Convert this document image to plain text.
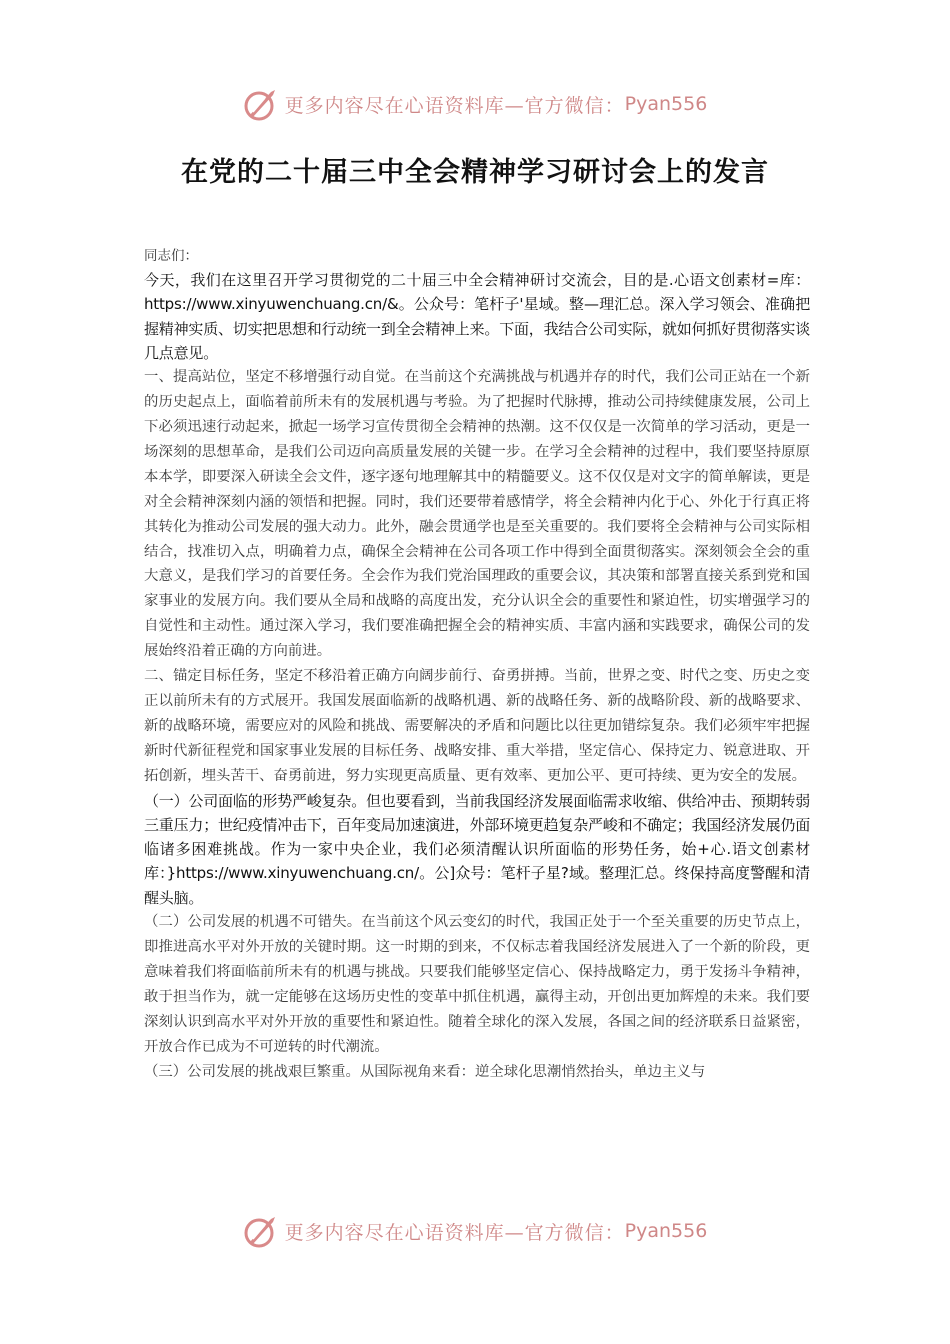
更多内容尽在心语资料库—官方微信： Pyan556
在党的二十届三中全会精神学习研讨会上的发言

同志们：

今天，我们在这里召开学习贯彻党的二十届三中全会精神研讨交流会，目的是.心语文创素材=库：https://www.xinyuwenchuang.cn/&。公众号：笔杆子'星域。整—理汇总。深入学习领会、准确把握精神实质、切实把思想和行动统一到全会精神上来。下面，我结合公司实际，就如何抓好贯彻落实谈几点意见。

一、提高站位，坚定不移增强行动自觉。在当前这个充满挑战与机遇并存的时代，我们公司正站在一个新的历史起点上，面临着前所未有的发展机遇与考验。为了把握时代脉搏，推动公司持续健康发展，公司上下必须迅速行动起来，掀起一场学习宣传贯彻全会精神的热潮。这不仅仅是一次简单的学习活动，更是一场深刻的思想革命，是我们公司迈向高质量发展的关键一步。在学习全会精神的过程中，我们要坚持原原本本学，即要深入研读全会文件，逐字逐句地理解其中的精髓要义。这不仅仅是对文字的简单解读，更是对全会精神深刻内涵的领悟和把握。同时，我们还要带着感情学，将全会精神内化于心、外化于行真正将其转化为推动公司发展的强大动力。此外，融会贯通学也是至关重要的。我们要将全会精神与公司实际相结合，找准切入点，明确着力点，确保全会精神在公司各项工作中得到全面贯彻落实。深刻领会全会的重大意义，是我们学习的首要任务。全会作为我们党治国理政的重要会议，其决策和部署直接关系到党和国家事业的发展方向。我们要从全局和战略的高度出发，充分认识全会的重要性和紧迫性，切实增强学习的自觉性和主动性。通过深入学习，我们要准确把握全会的精神实质、丰富内涵和实践要求，确保公司的发展始终沿着正确的方向前进。

二、锚定目标任务，坚定不移沿着正确方向阔步前行、奋勇拼搏。当前，世界之变、时代之变、历史之变正以前所未有的方式展开。我国发展面临新的战略机遇、新的战略任务、新的战略阶段、新的战略要求、新的战略环境，需要应对的风险和挑战、需要解决的矛盾和问题比以往更加错综复杂。我们必须牢牢把握新时代新征程党和国家事业发展的目标任务、战略安排、重大举措，坚定信心、保持定力、锐意进取、开拓创新，埋头苦干、奋勇前进，努力实现更高质量、更有效率、更加公平、更可持续、更为安全的发展。

（一）公司面临的形势严峻复杂。但也要看到，当前我国经济发展面临需求收缩、供给冲击、预期转弱三重压力；世纪疫情冲击下，百年变局加速演进，外部环境更趋复杂严峻和不确定；我国经济发展仍面临诸多困难挑战。作为一家中央企业，我们必须清醒认识所面临的形势任务，始+心.语文创素材库：}https://www.xinyuwenchuang.cn/。公]众号：笔杆子星?域。整理汇总。终保持高度警醒和清醒头脑。

（二）公司发展的机遇不可错失。在当前这个风云变幻的时代，我国正处于一个至关重要的历史节点上，即推进高水平对外开放的关键时期。这一时期的到来，不仅标志着我国经济发展进入了一个新的阶段，更意味着我们将面临前所未有的机遇与挑战。只要我们能够坚定信心、保持战略定力，勇于发扬斗争精神，敢于担当作为，就一定能够在这场历史性的变革中抓住机遇，赢得主动，开创出更加辉煌的未来。我们要深刻认识到高水平对外开放的重要性和紧迫性。随着全球化的深入发展，各国之间的经济联系日益紧密，开放合作已成为不可逆转的时代潮流。

（三）公司发展的挑战艰巨繁重。从国际视角来看：逆全球化思潮悄然抬头，单边主义与

更多内容尽在心语资料库—官方微信： Pyan556
